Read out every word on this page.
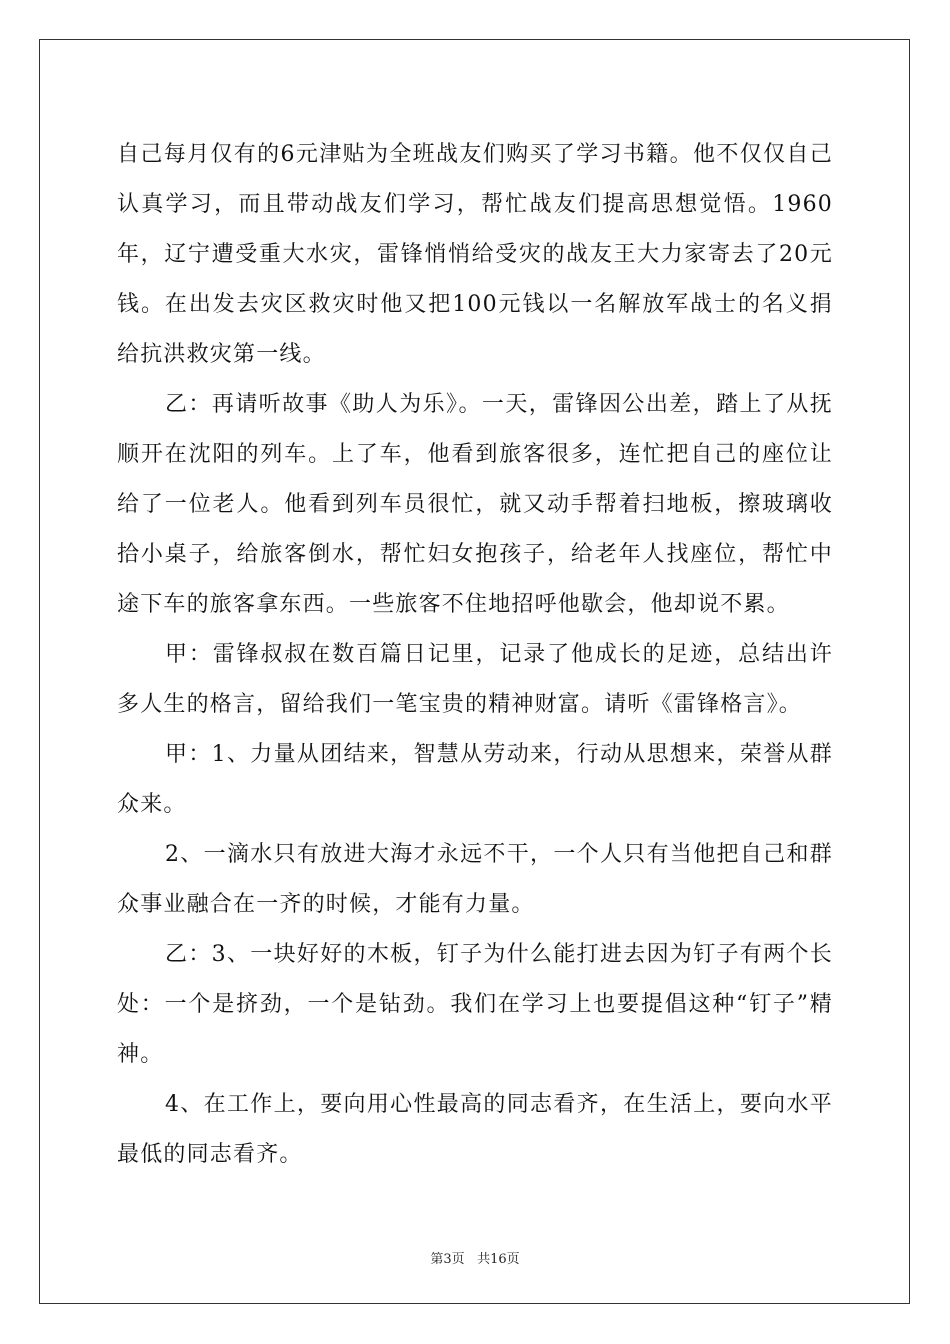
自己每月仅有的6元津贴为全班战友们购买了学习书籍。他不仅仅自己认真学习，而且带动战友们学习，帮忙战友们提高思想觉悟。1960年，辽宁遭受重大水灾，雷锋悄悄给受灾的战友王大力家寄去了20元钱。在出发去灾区救灾时他又把100元钱以一名解放军战士的名义捐给抗洪救灾第一线。

乙：再请听故事《助人为乐》。一天，雷锋因公出差，踏上了从抚顺开在沈阳的列车。上了车，他看到旅客很多，连忙把自己的座位让给了一位老人。他看到列车员很忙，就又动手帮着扫地板，擦玻璃收拾小桌子，给旅客倒水，帮忙妇女抱孩子，给老年人找座位，帮忙中途下车的旅客拿东西。一些旅客不住地招呼他歇会，他却说不累。

甲：雷锋叔叔在数百篇日记里，记录了他成长的足迹，总结出许多人生的格言，留给我们一笔宝贵的精神财富。请听《雷锋格言》。

甲：1、力量从团结来，智慧从劳动来，行动从思想来，荣誉从群众来。

2、一滴水只有放进大海才永远不干，一个人只有当他把自己和群众事业融合在一齐的时候，才能有力量。

乙：3、一块好好的木板，钉子为什么能打进去因为钉子有两个长处：一个是挤劲，一个是钻劲。我们在学习上也要提倡这种“钉子”精神。

4、在工作上，要向用心性最高的同志看齐，在生活上，要向水平最低的同志看齐。

第3页 共16页
